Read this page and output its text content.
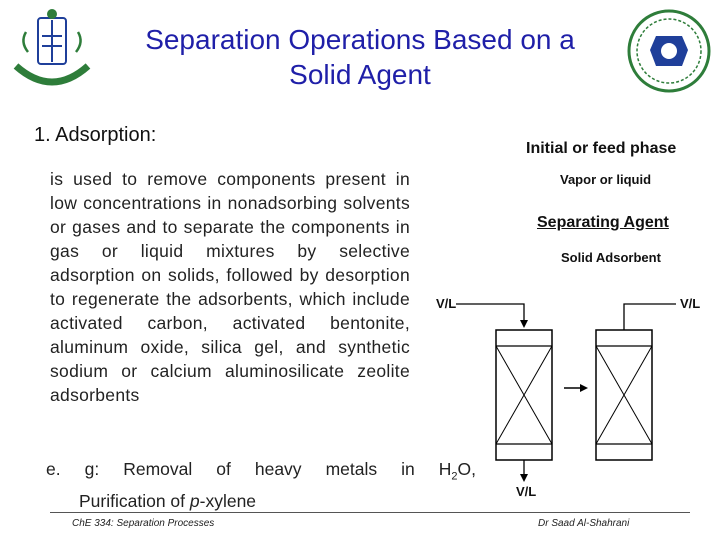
Separation Operations Based on a
Solid Agent
1. Adsorption:
is used to remove components present in low concentrations in nonadsorbing solvents or gases and to separate the components in gas or liquid mixtures by selective adsorption on solids, followed by desorption to regenerate the adsorbents, which include activated carbon, activated bentonite, aluminum oxide, silica gel, and synthetic sodium or calcium aluminosilicate zeolite adsorbents
e. g: Removal of heavy metals in $H_2O$,
Purification of p-xylene
Initial or feed phase
Vapor or liquid
Separating Agent
Solid Adsorbent
V/L	V/L
V/L
ChE 334: Separation Processes	Dr Saad Al-Shahrani
